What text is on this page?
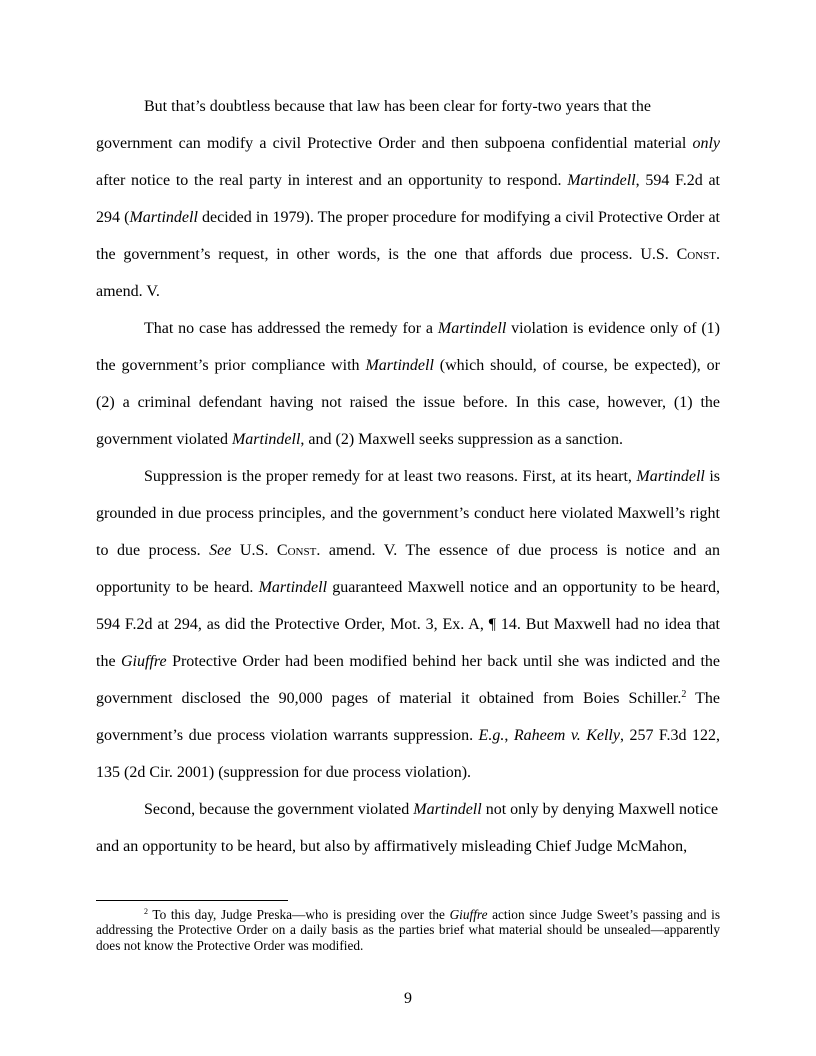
But that’s doubtless because that law has been clear for forty-two years that the
government can modify a civil Protective Order and then subpoena confidential material only
after notice to the real party in interest and an opportunity to respond. Martindell, 594 F.2d at
294 (Martindell decided in 1979). The proper procedure for modifying a civil Protective Order at
the government’s request, in other words, is the one that affords due process. U.S. Const.
amend. V.
That no case has addressed the remedy for a Martindell violation is evidence only of (1)
the government’s prior compliance with Martindell (which should, of course, be expected), or
(2) a criminal defendant having not raised the issue before. In this case, however, (1) the
government violated Martindell, and (2) Maxwell seeks suppression as a sanction.
Suppression is the proper remedy for at least two reasons. First, at its heart, Martindell is
grounded in due process principles, and the government’s conduct here violated Maxwell’s right
to due process. See U.S. Const. amend. V. The essence of due process is notice and an
opportunity to be heard. Martindell guaranteed Maxwell notice and an opportunity to be heard,
594 F.2d at 294, as did the Protective Order, Mot. 3, Ex. A, ¶ 14. But Maxwell had no idea that
the Giuffre Protective Order had been modified behind her back until she was indicted and the
government disclosed the 90,000 pages of material it obtained from Boies Schiller.$^2$ The
government’s due process violation warrants suppression. E.g., Raheem v. Kelly, 257 F.3d 122,
135 (2d Cir. 2001) (suppression for due process violation).
Second, because the government violated Martindell not only by denying Maxwell notice
and an opportunity to be heard, but also by affirmatively misleading Chief Judge McMahon,

$^2$ To this day, Judge Preska—who is presiding over the Giuffre action since Judge Sweet’s passing and is addressing the Protective Order on a daily basis as the parties brief what material should be unsealed—apparently does not know the Protective Order was modified.

9
